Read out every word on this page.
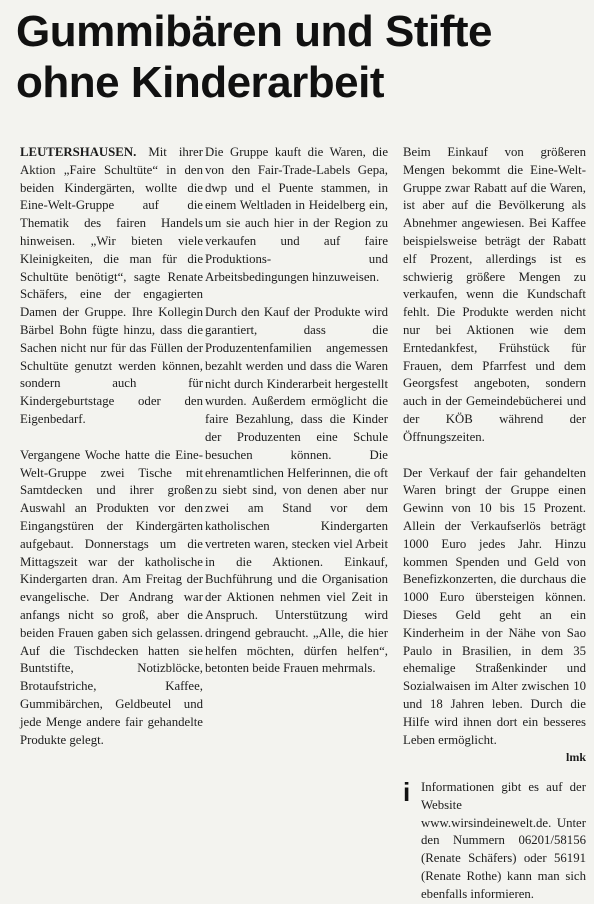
Gummibären und Stifte ohne Kinderarbeit

LEUTERSHAUSEN. Mit ihrer Aktion „Faire Schultüte“ in den beiden Kindergärten, wollte die Eine-Welt-Gruppe auf die Thematik des fairen Handels hinweisen. „Wir bieten viele Kleinigkeiten, die man für die Schultüte benötigt“, sagte Renate Schäfers, eine der engagierten Damen der Gruppe. Ihre Kollegin Bärbel Bohn fügte hinzu, dass die Sachen nicht nur für das Füllen der Schultüte genutzt werden können, sondern auch für Kindergeburtstage oder den Eigenbedarf.

Vergangene Woche hatte die Eine-Welt-Gruppe zwei Tische mit Samtdecken und ihrer großen Auswahl an Produkten vor den Eingangstüren der Kindergärten aufgebaut. Donnerstags um die Mittagszeit war der katholische Kindergarten dran. Am Freitag der evangelische. Der Andrang war anfangs nicht so groß, aber die beiden Frauen gaben sich gelassen. Auf die Tischdecken hatten sie Buntstifte, Notizblöcke, Brotaufstriche, Kaffee, Gummibärchen, Geldbeutel und jede Menge andere fair gehandelte Produkte gelegt.

Die Gruppe kauft die Waren, die von den Fair-Trade-Labels Gepa, dwp und el Puente stammen, in einem Weltladen in Heidelberg ein, um sie auch hier in der Region zu verkaufen und auf faire Produktions- und Arbeitsbedingungen hinzuweisen.

Durch den Kauf der Produkte wird garantiert, dass die Produzentenfamilien angemessen bezahlt werden und dass die Waren nicht durch Kinderarbeit hergestellt wurden. Außerdem ermöglicht die faire Bezahlung, dass die Kinder der Produzenten eine Schule besuchen können. Die ehrenamtlichen Helferinnen, die oft zu siebt sind, von denen aber nur zwei am Stand vor dem katholischen Kindergarten vertreten waren, stecken viel Arbeit in die Aktionen. Einkauf, Buchführung und die Organisation der Aktionen nehmen viel Zeit in Anspruch. Unterstützung wird dringend gebraucht. „Alle, die hier helfen möchten, dürfen helfen“, betonten beide Frauen mehrmals.

Beim Einkauf von größeren Mengen bekommt die Eine-Welt-Gruppe zwar Rabatt auf die Waren, ist aber auf die Bevölkerung als Abnehmer angewiesen. Bei Kaffee beispielsweise beträgt der Rabatt elf Prozent, allerdings ist es schwierig größere Mengen zu verkaufen, wenn die Kundschaft fehlt. Die Produkte werden nicht nur bei Aktionen wie dem Erntedankfest, Frühstück für Frauen, dem Pfarrfest und dem Georgsfest angeboten, sondern auch in der Gemeindebücherei und der KÖB während der Öffnungszeiten.

Der Verkauf der fair gehandelten Waren bringt der Gruppe einen Gewinn von 10 bis 15 Prozent. Allein der Verkaufserlös beträgt 1000 Euro jedes Jahr. Hinzu kommen Spenden und Geld von Benefizkonzerten, die durchaus die 1000 Euro übersteigen können. Dieses Geld geht an ein Kinderheim in der Nähe von Sao Paulo in Brasilien, in dem 35 ehemalige Straßenkinder und Sozialwaisen im Alter zwischen 10 und 18 Jahren leben. Durch die Hilfe wird ihnen dort ein besseres Leben ermöglicht.
lmk

i Informationen gibt es auf der Website www.wirsindeinewelt.de. Unter den Nummern 06201/58156 (Renate Schäfers) oder 56191 (Renate Rothe) kann man sich ebenfalls informieren.
